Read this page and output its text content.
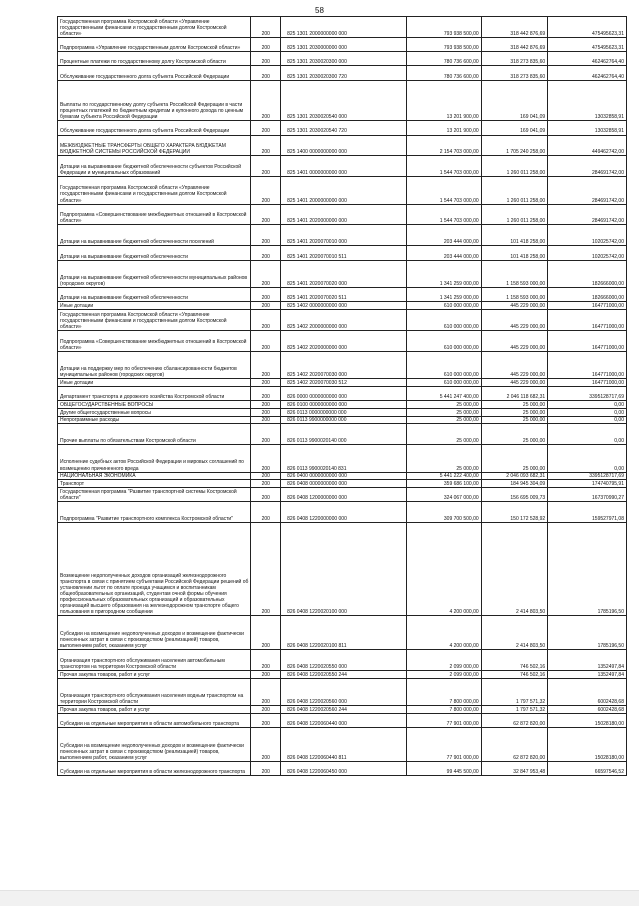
58
Государственная программа Костромской области «Управление государственными финансами и государственным долгом Костромской области»	200	825 1301 2000000000 000	793 938 500,00	318 442 876,69	475495623,31
Подпрограмма «Управление государственным долгом Костромской области»	200	825 1301 2030000000 000	793 938 500,00	318 442 876,69	475495623,31
Процентные платежи по государственному долгу Костромской области	200	825 1301 2030020300 000	780 736 600,00	318 273 835,60	462462764,40
Обслуживание государственного долга субъекта Российской Федерации	200	825 1301 2030020300 720	780 736 600,00	318 273 835,60	462462764,40
Выплаты по государственному долгу субъекта Российской Федерации в части процентных платежей по бюджетным кредитам и купонного дохода по ценным бумагам субъекта Российской Федерации	200	825 1301 2030020540 000	13 201 900,00	169 041,09	13032858,91
Обслуживание государственного долга субъекта Российской Федерации	200	825 1301 2030020540 720	13 201 900,00	169 041,09	13032858,91
МЕЖБЮДЖЕТНЫЕ ТРАНСФЕРТЫ ОБЩЕГО ХАРАКТЕРА БЮДЖЕТАМ БЮДЖЕТНОЙ СИСТЕМЫ РОССИЙСКОЙ ФЕДЕРАЦИИ	200	825 1400 0000000000 000	2 154 703 000,00	1 705 240 258,00	449462742,00
Дотации на выравнивание бюджетной обеспеченности субъектов Российской Федерации и муниципальных образований	200	825 1401 0000000000 000	1 544 703 000,00	1 260 011 258,00	284691742,00
Государственная программа Костромской области «Управление государственными финансами и государственным долгом Костромской области»	200	825 1401 2000000000 000	1 544 703 000,00	1 260 011 258,00	284691742,00
Подпрограмма «Совершенствование межбюджетных отношений в Костромской области»	200	825 1401 2020000000 000	1 544 703 000,00	1 260 011 258,00	284691742,00
Дотации на выравнивание бюджетной обеспеченности поселений	200	825 1401 2020070010 000	203 444 000,00	101 418 258,00	102025742,00
Дотации на выравнивание бюджетной обеспеченности	200	825 1401 2020070010 511	203 444 000,00	101 418 258,00	102025742,00
Дотации на выравнивание бюджетной обеспеченности муниципальных районов (городских округов)	200	825 1401 2020070020 000	1 341 259 000,00	1 158 593 000,00	182666000,00
Дотации на выравнивание бюджетной обеспеченности	200	825 1401 2020070020 511	1 341 259 000,00	1 158 593 000,00	182666000,00
Иные дотации	200	825 1402 0000000000 000	610 000 000,00	445 229 000,00	164771000,00
Государственная программа Костромской области «Управление государственными финансами и государственным долгом Костромской области»	200	825 1402 2000000000 000	610 000 000,00	445 229 000,00	164771000,00
Подпрограмма «Совершенствование межбюджетных отношений в Костромской области»	200	825 1402 2020000000 000	610 000 000,00	445 229 000,00	164771000,00
Дотации на поддержку мер по обеспечению сбалансированности бюджетов муниципальных районов (городских округов)	200	825 1402 2020070030 000	610 000 000,00	445 229 000,00	164771000,00
Иные дотации	200	825 1402 2020070030 512	610 000 000,00	445 229 000,00	164771000,00
Департамент транспорта и дорожного хозяйства Костромской области	200	826 0000 0000000000 000	5 441 247 400,00	2 046 118 682,31	3395128717,69
ОБЩЕГОСУДАРСТВЕННЫЕ ВОПРОСЫ	200	826 0100 0000000000 000	25 000,00	25 000,00	0,00
Другие общегосударственные вопросы	200	826 0113 0000000000 000	25 000,00	25 000,00	0,00
Непрограммные расходы	200	826 0113 9900000000 000	25 000,00	25 000,00	0,00
Прочие выплаты по обязательствам Костромской области	200	826 0113 9900020140 000	25 000,00	25 000,00	0,00
Исполнение судебных актов Российской Федерации и мировых соглашений по возмещению причиненного вреда	200	826 0113 9900020140 831	25 000,00	25 000,00	0,00
НАЦИОНАЛЬНАЯ ЭКОНОМИКА	200	826 0400 0000000000 000	5 441 222 400,00	2 046 093 682,31	3395128717,69
Транспорт	200	826 0408 0000000000 000	359 686 100,00	184 945 304,09	174740795,91
Государственная программа "Развитие транспортной системы Костромской области"	200	826 0408 1200000000 000	324 067 000,00	156 695 009,73	167370990,27
Подпрограмма "Развитие транспортного комплекса Костромской области"	200	826 0408 1220000000 000	309 700 500,00	150 172 528,92	159527971,08
Возмещение недополученных доходов организаций железнодорожного транспорта в связи с принятием субъектами Российской Федерации решений об установлении льгот по оплате проезда учащимся и воспитанникам общеобразовательных организаций, студентам очной формы обучения профессиональных образовательных организаций и образовательных организаций высшего образования на железнодорожном транспорте общего пользования в пригородном сообщении	200	826 0408 1220020100 000	4 200 000,00	2 414 803,50	1785196,50
Субсидии на возмещение недополученных доходов и возмещение фактически понесенных затрат в связи с производством (реализацией) товаров, выполнением работ, оказанием услуг	200	826 0408 1220020100 811	4 200 000,00	2 414 803,50	1785196,50
Организация транспортного обслуживания населения автомобильным транспортом на территории Костромской области	200	826 0408 1220020550 000	2 099 000,00	746 502,16	1352497,84
Прочая закупка товаров, работ и услуг	200	826 0408 1220020550 244	2 099 000,00	746 502,16	1352497,84
Организация транспортного обслуживания населения водным транспортом на территории Костромской области	200	826 0408 1220020560 000	7 800 000,00	1 797 571,32	6002428,68
Прочая закупка товаров, работ и услуг	200	826 0408 1220020560 244	7 800 000,00	1 797 571,32	6002428,68
Субсидии на отдельные мероприятия в области автомобильного транспорта	200	826 0408 1220060440 000	77 901 000,00	62 872 820,00	15028180,00
Субсидии на возмещение недополученных доходов и возмещение фактически понесенных затрат в связи с производством (реализацией) товаров, выполнением работ, оказанием услуг	200	826 0408 1220060440 811	77 901 000,00	62 872 820,00	15028180,00
Субсидии на отдельные мероприятия в области железнодорожного транспорта	200	826 0408 1220060450 000	99 445 500,00	32 847 953,48	66597546,52
